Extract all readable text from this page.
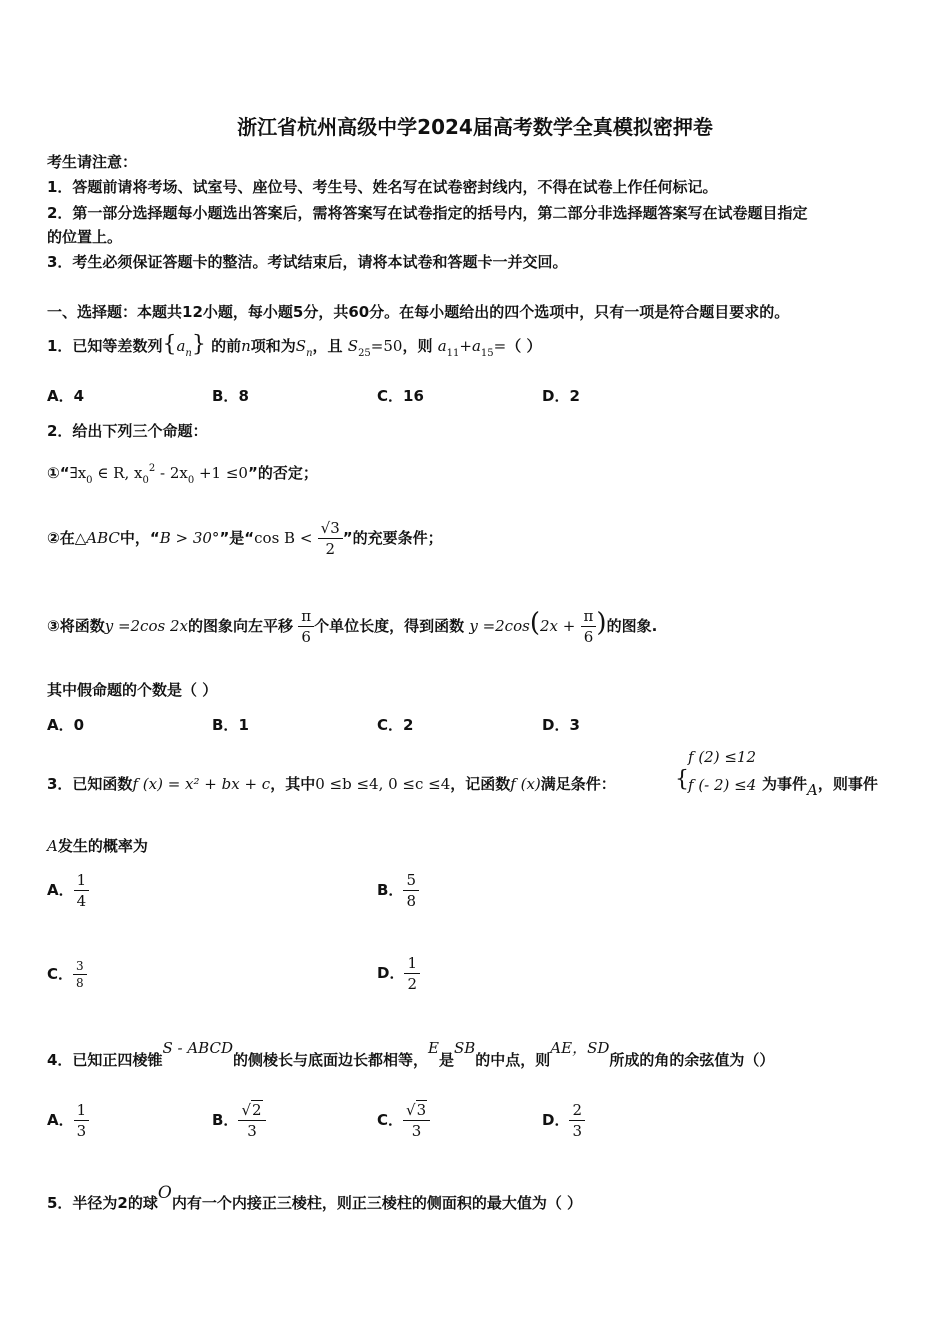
浙江省杭州高级中学2024届高考数学全真模拟密押卷
考生请注意：
1．答题前请将考场、试室号、座位号、考生号、姓名写在试卷密封线内，不得在试卷上作任何标记。
2．第一部分选择题每小题选出答案后，需将答案写在试卷指定的括号内，第二部分非选择题答案写在试卷题目指定
的位置上。
3．考生必须保证答题卡的整洁。考试结束后，请将本试卷和答题卡一并交回。
一、选择题：本题共12小题，每小题5分，共60分。在每小题给出的四个选项中，只有一项是符合题目要求的。
1．已知等差数列$\{a_n\}$ 的前n项和为$S_n$，且 $S_{25}=50$，则 $a_{11}+a_{15}=$（ ）
A．4	B．8	C．16	D．2
2．给出下列三个命题：
$①“\exists x_0$ ∈ R, $x_0^2 - 2x_0 +1 \le 0$”的否定；
②在△ABC中，“B > 30°”是“cos $B < \frac{√3}{2}$ ”的充要条件；
③将函数y =2cos 2x的图象向左平移 $\frac{\pi}{6}$ 个单位长度，得到函数 $y =2\cos(2x + \frac{\pi}{6}$ )的图象.
其中假命题的个数是（ ）
A．0	B．1	C．2	D．3
3．已知函数f (x) = x² + bx + c，其中0 ≤b ≤4, 0 ≤c ≤4，记函数f (x)满足条件：	{
f (2) ≤12
f (- 2) ≤4 为事件A，则事件
A发生的概率为
A． $\frac{1}{4}$	B． $\frac{5}{8}$
C． $\frac{3}{8}$	D． $\frac{1}{2}$
4．已知正四棱锥S - ABCD的侧棱长与底面边长都相等，E是SB的中点，则AE，SD所成的角的余弦值为（）
A． $\frac{1}{3}$	B． $\frac{√2}{3}$	C． $\frac{√3}{3}$	D． $\frac{2}{3}$
5．半径为2的球O内有一个内接正三棱柱，则正三棱柱的侧面积的最大值为（ ）
